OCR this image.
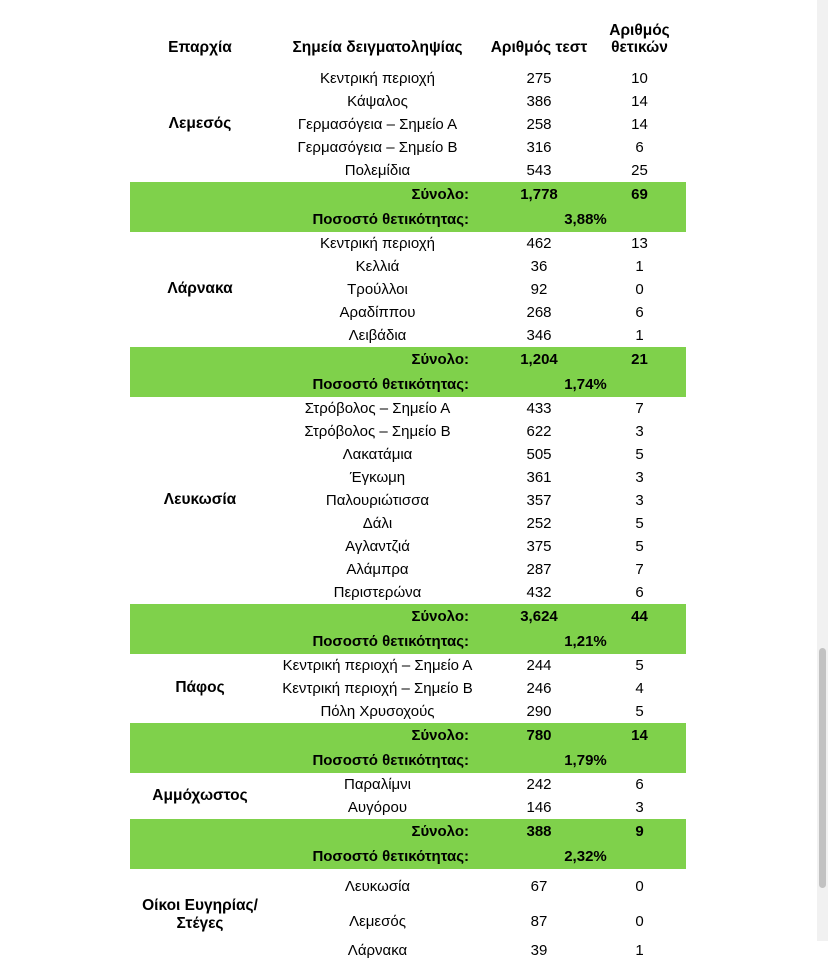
Επαρχία	Σημεία δειγματοληψίας	Αριθμός τεστ	Αριθμός
θετικών
Λεμεσός	Κεντρική περιοχή	275	10
	Κάψαλος	386	14
	Γερμασόγεια – Σημείο Α	258	14
	Γερμασόγεια – Σημείο Β	316	6
	Πολεμίδια	543	25
Σύνολο:		1,778	69
Ποσοστό θετικότητας:		3,88%	
Λάρνακα	Κεντρική περιοχή	462	13
	Κελλιά	36	1
	Τρούλλοι	92	0
	Αραδίππου	268	6
	Λειβάδια	346	1
Σύνολο:		1,204	21
Ποσοστό θετικότητας:		1,74%	
Λευκωσία	Στρόβολος – Σημείο Α	433	7
	Στρόβολος – Σημείο Β	622	3
	Λακατάμια	505	5
	Έγκωμη	361	3
	Παλουριώτισσα	357	3
	Δάλι	252	5
	Αγλαντζιά	375	5
	Αλάμπρα	287	7
	Περιστερώνα	432	6
Σύνολο:		3,624	44
Ποσοστό θετικότητας:		1,21%	
Πάφος	Κεντρική περιοχή – Σημείο Α	244	5
	Κεντρική περιοχή – Σημείο Β	246	4
	Πόλη Χρυσοχούς	290	5
Σύνολο:		780	14
Ποσοστό θετικότητας:		1,79%	
Αμμόχωστος	Παραλίμνι	242	6
	Αυγόρου	146	3
Σύνολο:		388	9
Ποσοστό θετικότητας:		2,32%	
Οίκοι Ευγηρίας/
Στέγες	Λευκωσία	67	0
	Λεμεσός	87	0
	Λάρνακα	39	1
